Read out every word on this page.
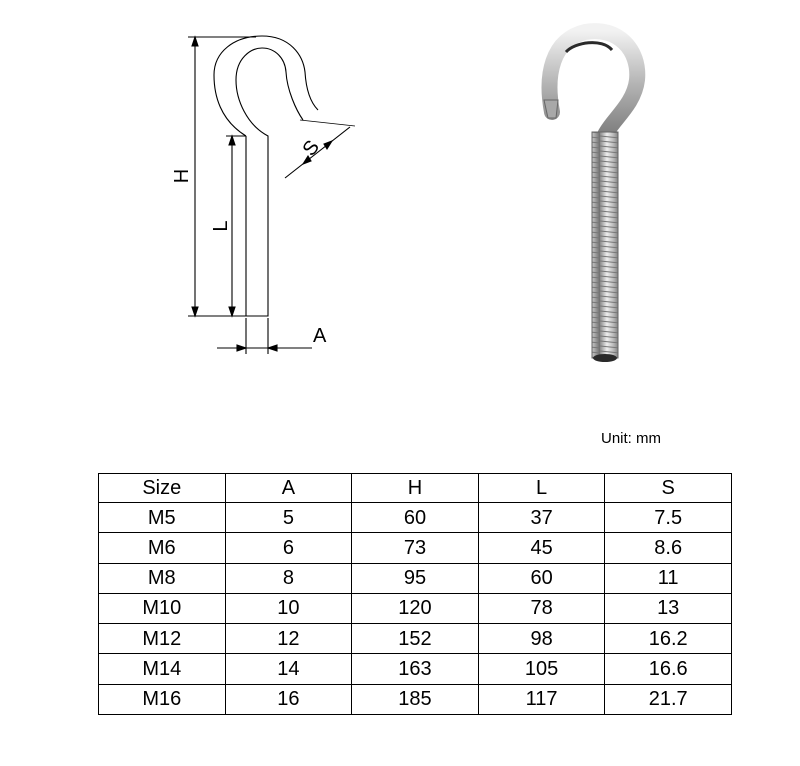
H
L
S
A
Unit: mm
Size	A	H	L	S
M5	5	60	37	7.5
M6	6	73	45	8.6
M8	8	95	60	11
M10	10	120	78	13
M12	12	152	98	16.2
M14	14	163	105	16.6
M16	16	185	117	21.7
